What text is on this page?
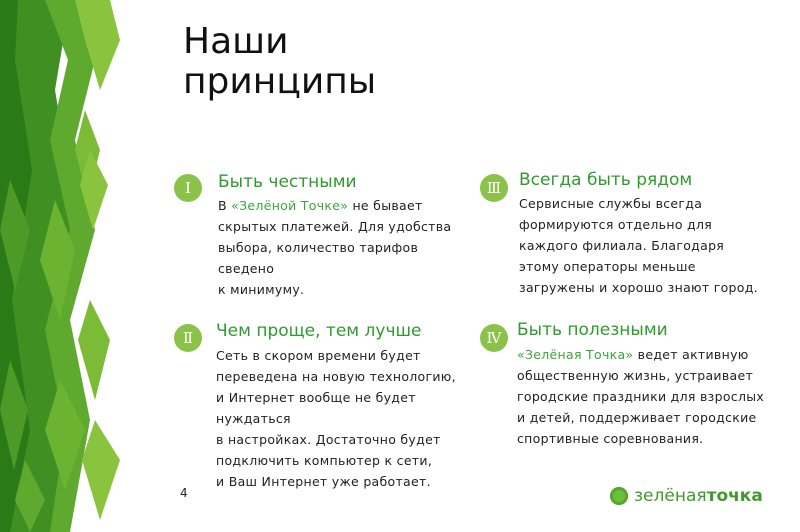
Наши
принципы
Ⅰ	Быть честными
В «Зелёной Точке» не бывает
скрытых платежей. Для удобства
выбора, количество тарифов
сведено
к минимуму.
Ⅱ	Чем проще, тем лучше
Сеть в скором времени будет
переведена на новую технологию,
и Интернет вообще не будет
нуждаться
в настройках. Достаточно будет
подключить компьютер к сети,
и Ваш Интернет уже работает.
Ⅲ	Всегда быть рядом
Сервисные службы всегда
формируются отдельно для
каждого филиала. Благодаря
этому операторы меньше
загружены и хорошо знают город.
Ⅳ Быть полезными
«Зелёная Точка» ведет активную
общественную жизнь, устраивает
городские праздники для взрослых
и детей, поддерживает городские
спортивные соревнования.
4	зелёная точка
